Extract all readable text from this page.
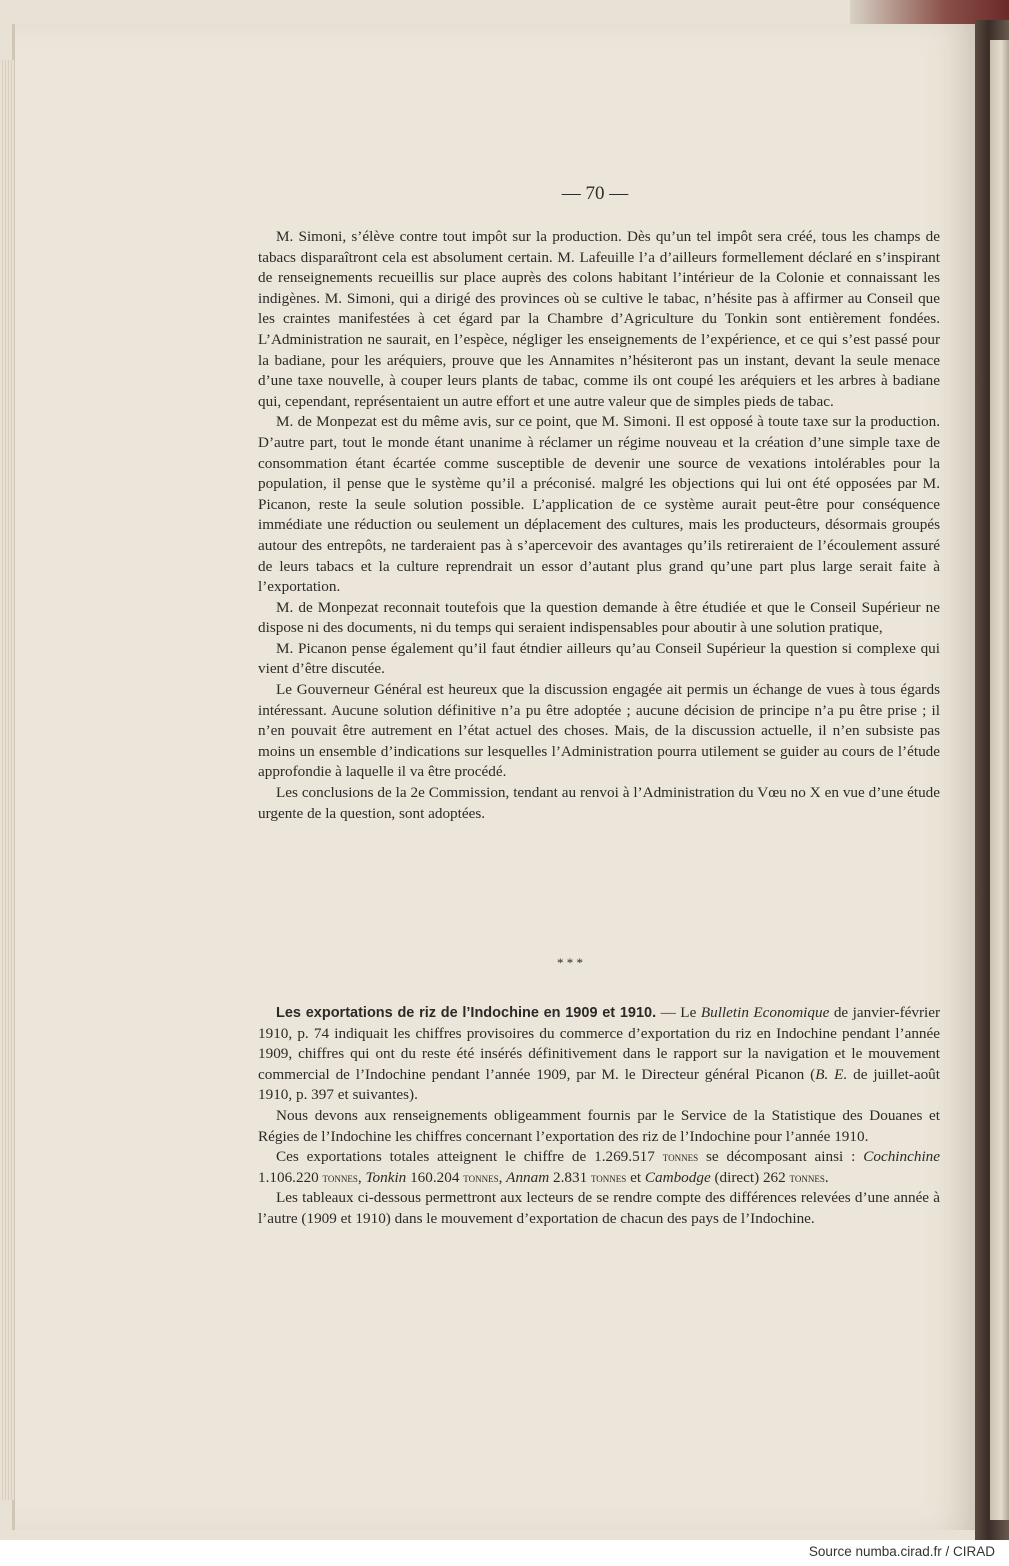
— 70 —

M. Simoni, s’élève contre tout impôt sur la production. Dès qu’un tel impôt sera créé, tous les champs de tabacs disparaîtront cela est absolument certain. M. Lafeuille l’a d’ailleurs formellement déclaré en s’inspirant de renseignements recueillis sur place auprès des colons habitant l’intérieur de la Colonie et connaissant les indigènes. M. Simoni, qui a dirigé des provinces où se cultive le tabac, n’hésite pas à affirmer au Conseil que les craintes manifestées à cet égard par la Chambre d’Agriculture du Tonkin sont entièrement fondées. L’Administration ne saurait, en l’espèce, négliger les enseignements de l’expérience, et ce qui s’est passé pour la badiane, pour les aréquiers, prouve que les Annamites n’hésiteront pas un instant, devant la seule menace d’une taxe nouvelle, à couper leurs plants de tabac, comme ils ont coupé les aréquiers et les arbres à badiane qui, cependant, représentaient un autre effort et une autre valeur que de simples pieds de tabac.

M. de Monpezat est du même avis, sur ce point, que M. Simoni. Il est opposé à toute taxe sur la production. D’autre part, tout le monde étant unanime à réclamer un régime nouveau et la création d’une simple taxe de consommation étant écartée comme susceptible de devenir une source de vexations intolérables pour la population, il pense que le système qu’il a préconisé. malgré les objections qui lui ont été opposées par M. Picanon, reste la seule solution possible. L’application de ce système aurait peut-être pour conséquence immédiate une réduction ou seulement un déplacement des cultures, mais les producteurs, désormais groupés autour des entrepôts, ne tarderaient pas à s’apercevoir des avantages qu’ils retireraient de l’écoulement assuré de leurs tabacs et la culture reprendrait un essor d’autant plus grand qu’une part plus large serait faite à l’exportation.

M. de Monpezat reconnait toutefois que la question demande à être étudiée et que le Conseil Supérieur ne dispose ni des documents, ni du temps qui seraient indispensables pour aboutir à une solution pratique,

M. Picanon pense également qu’il faut étndier ailleurs qu’au Conseil Supérieur la question si complexe qui vient d’être discutée.

Le Gouverneur Général est heureux que la discussion engagée ait permis un échange de vues à tous égards intéressant. Aucune solution définitive n’a pu être adoptée ; aucune décision de principe n’a pu être prise ; il n’en pouvait être autrement en l’état actuel des choses. Mais, de la discussion actuelle, il n’en subsiste pas moins un ensemble d’indications sur lesquelles l’Administration pourra utilement se guider au cours de l’étude approfondie à laquelle il va être procédé.

Les conclusions de la 2e Commission, tendant au renvoi à l’Administration du Vœu no X en vue d’une étude urgente de la question, sont adoptées.

* * *

Les exportations de riz de l’Indochine en 1909 et 1910. — Le Bulletin Economique de janvier-février 1910, p. 74 indiquait les chiffres provisoires du commerce d’exportation du riz en Indochine pendant l’année 1909, chiffres qui ont du reste été insérés définitivement dans le rapport sur la navigation et le mouvement commercial de l’Indochine pendant l’année 1909, par M. le Directeur général Picanon (B. E. de juillet-août 1910, p. 397 et suivantes).

Nous devons aux renseignements obligeamment fournis par le Service de la Statistique des Douanes et Régies de l’Indochine les chiffres concernant l’exportation des riz de l’Indochine pour l’année 1910.

Ces exportations totales atteignent le chiffre de 1.269.517 tonnes se décomposant ainsi : Cochinchine 1.106.220 tonnes, Tonkin 160.204 tonnes, Annam 2.831 tonnes et Cambodge (direct) 262 tonnes.

Les tableaux ci-dessous permettront aux lecteurs de se rendre compte des différences relevées d’une année à l’autre (1909 et 1910) dans le mouvement d’exportation de chacun des pays de l’Indochine.

Source numba.cirad.fr / CIRAD
